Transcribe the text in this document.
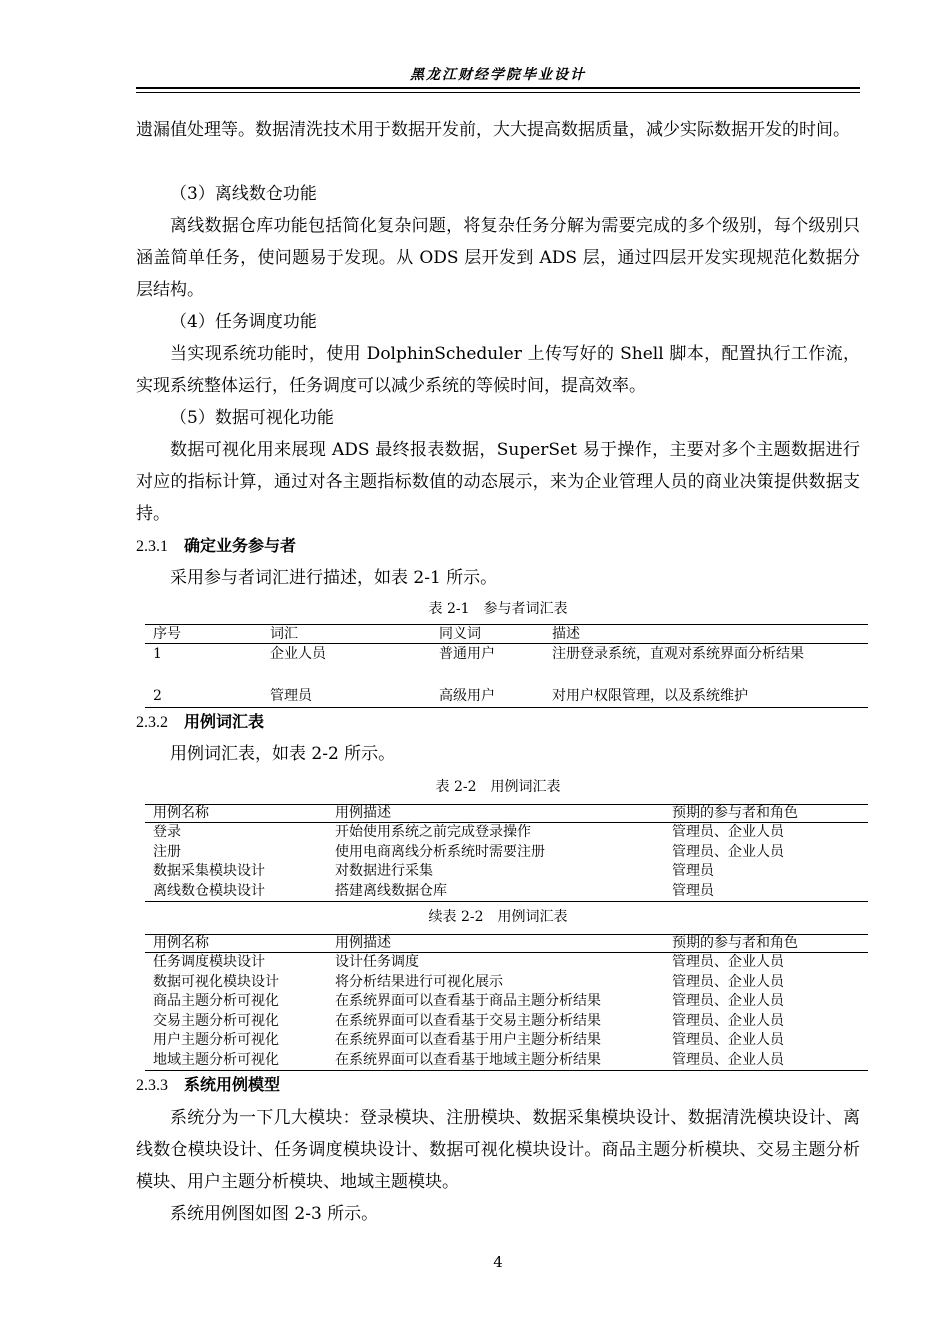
黑龙江财经学院毕业设计

遗漏值处理等。数据清洗技术用于数据开发前，大大提高数据质量，减少实际数据开发的时间。

（3）离线数仓功能

离线数据仓库功能包括简化复杂问题，将复杂任务分解为需要完成的多个级别，每个级别只涵盖简单任务，使问题易于发现。从 ODS 层开发到 ADS 层，通过四层开发实现规范化数据分层结构。

（4）任务调度功能

当实现系统功能时，使用 DolphinScheduler 上传写好的 Shell 脚本，配置执行工作流，实现系统整体运行，任务调度可以减少系统的等候时间，提高效率。

（5）数据可视化功能

数据可视化用来展现 ADS 最终报表数据，SuperSet 易于操作，主要对多个主题数据进行对应的指标计算，通过对各主题指标数值的动态展示，来为企业管理人员的商业决策提供数据支持。

2.3.1 确定业务参与者

采用参与者词汇进行描述，如表 2-1 所示。

表 2-1　参与者词汇表
序号	词汇	同义词	描述
1	企业人员	普通用户	注册登录系统，直观对系统界面分析结果
2	管理员	高级用户	对用户权限管理，以及系统维护

2.3.2 用例词汇表

用例词汇表，如表 2-2 所示。

表 2-2　用例词汇表
用例名称	用例描述	预期的参与者和角色
登录	开始使用系统之前完成登录操作	管理员、企业人员
注册	使用电商离线分析系统时需要注册	管理员、企业人员
数据采集模块设计	对数据进行采集	管理员
离线数仓模块设计	搭建离线数据仓库	管理员
续表 2-2　用例词汇表
用例名称	用例描述	预期的参与者和角色
任务调度模块设计	设计任务调度	管理员、企业人员
数据可视化模块设计	将分析结果进行可视化展示	管理员、企业人员
商品主题分析可视化	在系统界面可以查看基于商品主题分析结果	管理员、企业人员
交易主题分析可视化	在系统界面可以查看基于交易主题分析结果	管理员、企业人员
用户主题分析可视化	在系统界面可以查看基于用户主题分析结果	管理员、企业人员
地域主题分析可视化	在系统界面可以查看基于地域主题分析结果	管理员、企业人员

2.3.3 系统用例模型

系统分为一下几大模块：登录模块、注册模块、数据采集模块设计、数据清洗模块设计、离线数仓模块设计、任务调度模块设计、数据可视化模块设计。商品主题分析模块、交易主题分析模块、用户主题分析模块、地域主题模块。

系统用例图如图 2-3 所示。

4
